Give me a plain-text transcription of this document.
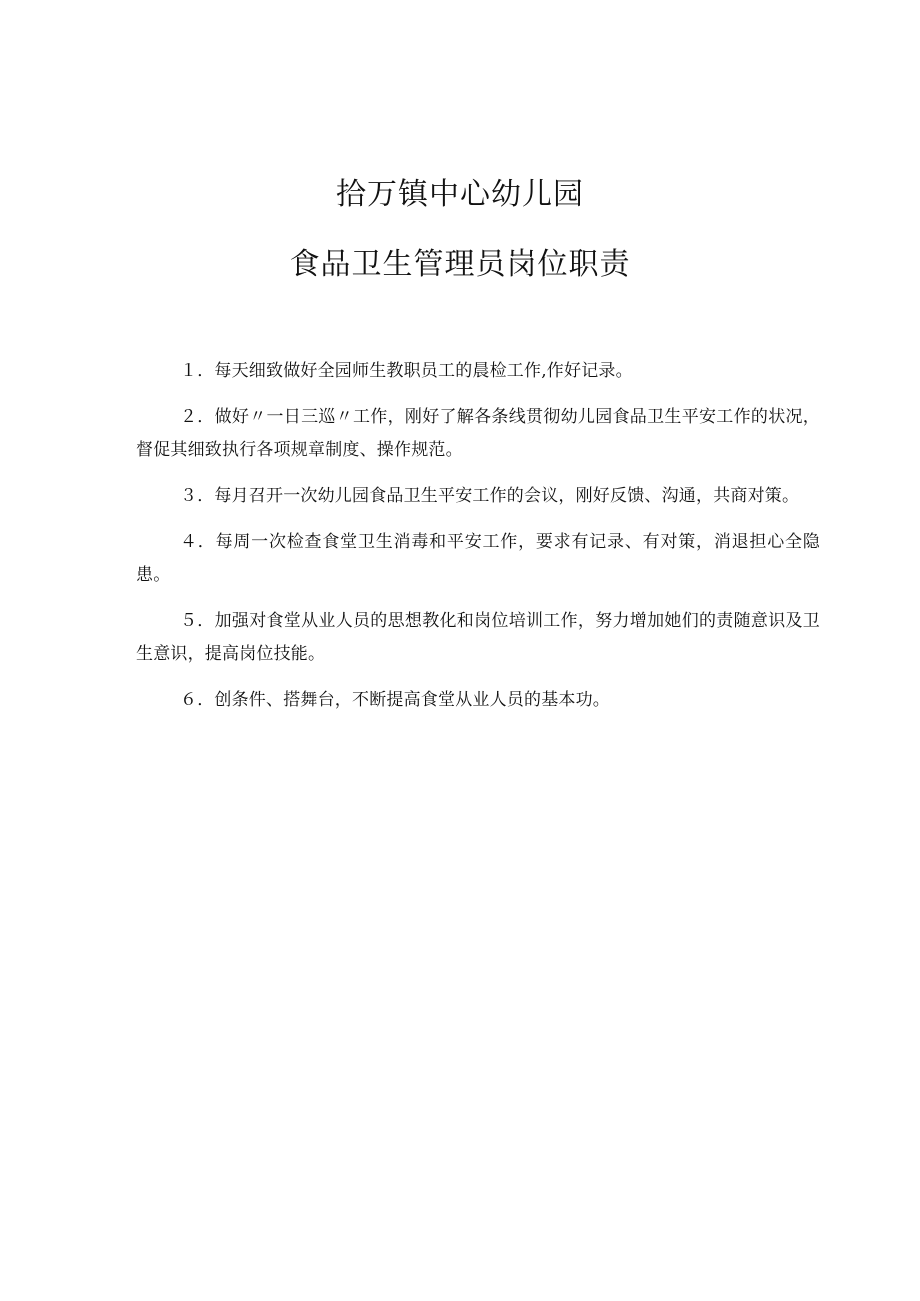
拾万镇中心幼儿园
食品卫生管理员岗位职责

１．每天细致做好全园师生教职员工的晨检工作,作好记录。

２．做好〃一日三巡〃工作，刚好了解各条线贯彻幼儿园食品卫生平安工作的状况，督促其细致执行各项规章制度、操作规范。

３．每月召开一次幼儿园食品卫生平安工作的会议，刚好反馈、沟通，共商对策。

４．每周一次检查食堂卫生消毒和平安工作，要求有记录、有对策，消退担心全隐患。

５．加强对食堂从业人员的思想教化和岗位培训工作，努力增加她们的责随意识及卫生意识，提高岗位技能。

６．创条件、搭舞台，不断提高食堂从业人员的基本功。
